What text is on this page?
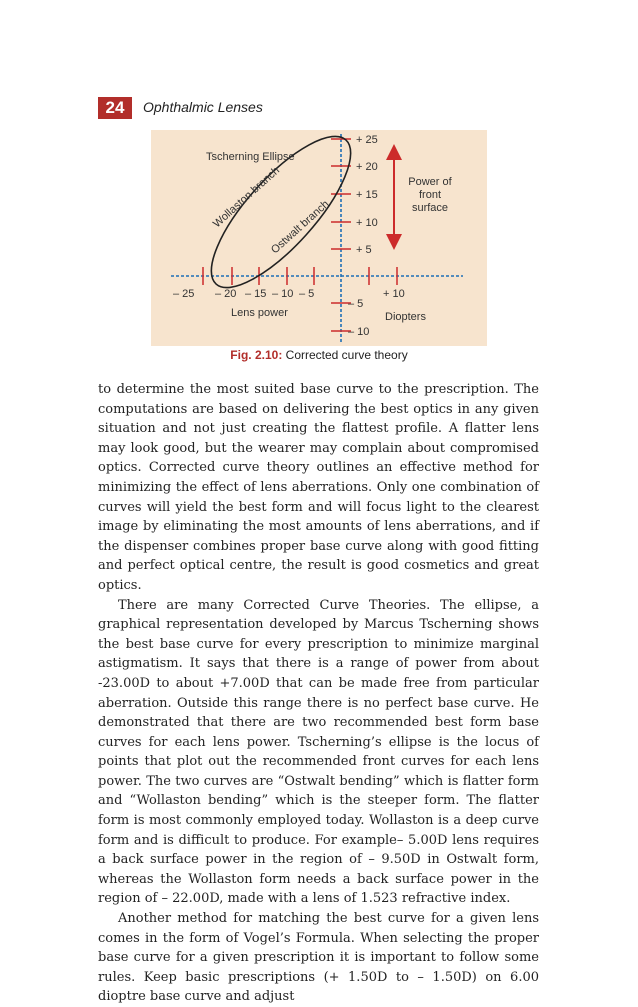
24	Ophthalmic Lenses
Tscherning Ellipse
Wollaston branch
Ostwalt branch
Power of
front
surface
+ 25
+ 20
+ 15
+ 10
+ 5
– 5
– 10
– 25 – 20 – 15 – 10 – 5	+ 10
Lens power	Diopters
Fig. 2.10: Corrected curve theory

to determine the most suited base curve to the prescription. The computations are based on delivering the best optics in any given situation and not just creating the flattest profile. A flatter lens may look good, but the wearer may complain about compromised optics. Corrected curve theory outlines an effective method for minimizing the effect of lens aberrations. Only one combination of curves will yield the best form and will focus light to the clearest image by eliminating the most amounts of lens aberrations, and if the dispenser combines proper base curve along with good fitting and perfect optical centre, the result is good cosmetics and great optics.

There are many Corrected Curve Theories. The ellipse, a graphical representation developed by Marcus Tscherning shows the best base curve for every prescription to minimize marginal astigmatism. It says that there is a range of power from about -23.00D to about +7.00D that can be made free from particular aberration. Outside this range there is no perfect base curve. He demonstrated that there are two recommended best form base curves for each lens power. Tscherning’s ellipse is the locus of points that plot out the recommended front curves for each lens power. The two curves are “Ostwalt bending” which is flatter form and “Wollaston bending” which is the steeper form. The flatter form is most commonly employed today. Wollaston is a deep curve form and is difficult to produce. For example– 5.00D lens requires a back surface power in the region of – 9.50D in Ostwalt form, whereas the Wollaston form needs a back surface power in the region of – 22.00D, made with a lens of 1.523 refractive index.

Another method for matching the best curve for a given lens comes in the form of Vogel’s Formula. When selecting the proper base curve for a given prescription it is important to follow some rules. Keep basic prescriptions (+ 1.50D to – 1.50D) on 6.00 dioptre base curve and adjust
